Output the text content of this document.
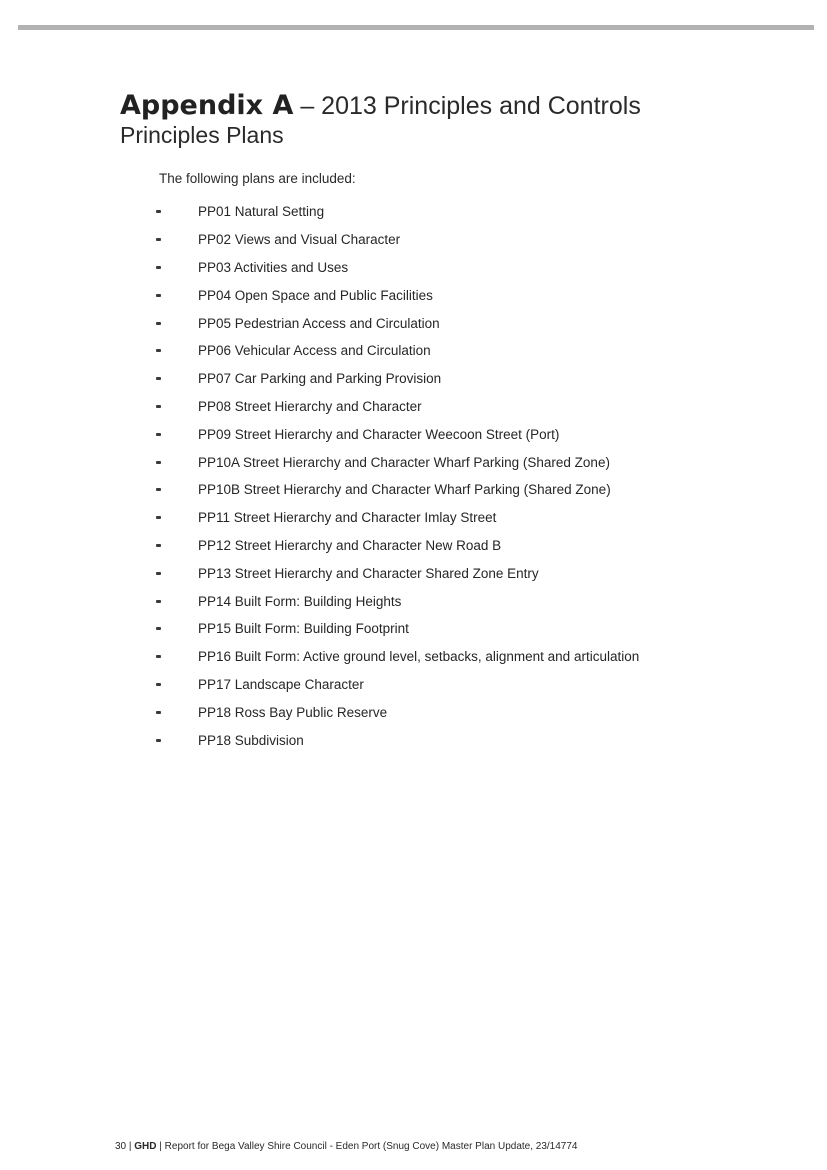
Appendix A – 2013 Principles and Controls
Principles Plans
The following plans are included:
PP01 Natural Setting
PP02 Views and Visual Character
PP03 Activities and Uses
PP04 Open Space and Public Facilities
PP05 Pedestrian Access and Circulation
PP06 Vehicular Access and Circulation
PP07 Car Parking and Parking Provision
PP08 Street Hierarchy and Character
PP09 Street Hierarchy and Character Weecoon Street (Port)
PP10A Street Hierarchy and Character Wharf Parking (Shared Zone)
PP10B Street Hierarchy and Character Wharf Parking (Shared Zone)
PP11 Street Hierarchy and Character Imlay Street
PP12 Street Hierarchy and Character New Road B
PP13 Street Hierarchy and Character Shared Zone Entry
PP14 Built Form: Building Heights
PP15 Built Form: Building Footprint
PP16 Built Form: Active ground level, setbacks, alignment and articulation
PP17 Landscape Character
PP18 Ross Bay Public Reserve
PP18 Subdivision
30 | GHD | Report for Bega Valley Shire Council - Eden Port (Snug Cove) Master Plan Update, 23/14774
